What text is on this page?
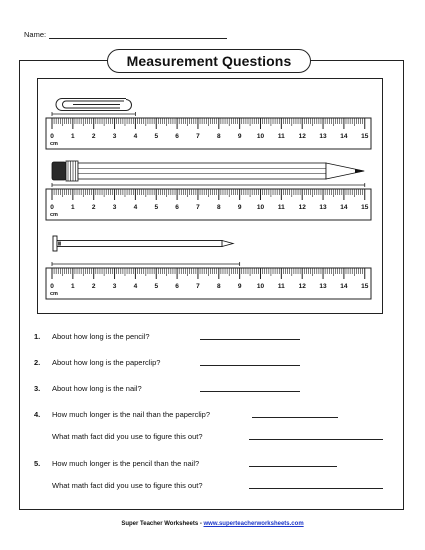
Name:
Measurement Questions
0	1	2	3	4	5	6	7	8	9 10 11 12 13 14 15
cm
0	1	2	3	4	5	6	7	8	9 10 11 12 13 14 15
cm
0	1	2	3	4	5	6	7	8	9 10 11 12 13 14 15
cm
1. About how long is the pencil?
2. About how long is the paperclip?
3. About how long is the nail?
4. How much longer is the nail than the paperclip?
What math fact did you use to figure this out?
5. How much longer is the pencil than the nail?
What math fact did you use to figure this out?
Super Teacher Worksheets - www.superteacherworksheets.com
